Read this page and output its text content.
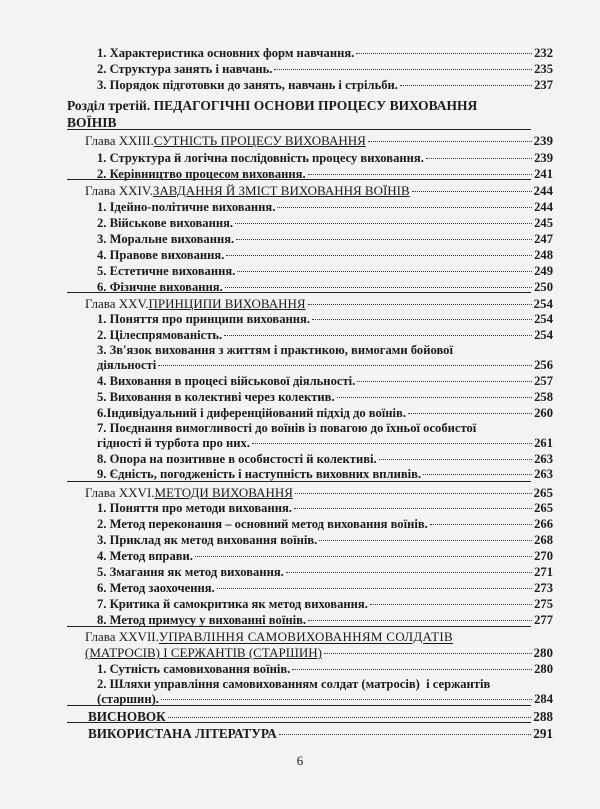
1. Характеристика основних форм навчання.	232
2. Структура занять і навчань.	235
3. Порядок підготовки до занять, навчань і стрільби.	237
Розділ третій. ПЕДАГОГІЧНІ ОСНОВИ ПРОЦЕСУ ВИХОВАННЯ
ВОЇНІВ
Глава XXIII. СУТНІСТЬ ПРОЦЕСУ ВИХОВАННЯ	239
1. Структура й логічна послідовність процесу виховання.	239
2. Керівництво процесом виховання.	241
Глава XXIV. ЗАВДАННЯ Й ЗМІСТ ВИХОВАННЯ ВОЇНІВ	244
1. Ідейно-політичне виховання.	244
2. Військове виховання.	245
3. Моральне виховання.	247
4. Правове виховання.	248
5. Естетичне виховання.	249
6. Фізичне виховання.	250
Глава XXV. ПРИНЦИПИ ВИХОВАННЯ	254
1. Поняття про принципи виховання.	254
2. Цілеспрямованість.	254
3. Зв'язок виховання з життям і практикою, вимогами бойової
діяльності	256
4. Виховання в процесі військової діяльності.	257
5. Виховання в колективі через колектив.	258
6.Індивідуальний і диференційований підхід до воїнів.	260
7. Поєднання вимогливості до воїнів із повагою до їхньої особистої
гідності й турбота про них.	261
8. Опора на позитивне в особистості й колективі.	263
9. Єдність, погодженість і наступність виховних впливів.	263
Глава XXVI. МЕТОДИ ВИХОВАННЯ	265
1. Поняття про методи виховання.	265
2. Метод переконання – основний метод виховання воїнів.	266
3. Приклад як метод виховання воїнів.	268
4. Метод вправи.	270
5. Змагання як метод виховання.	271
6. Метод заохочення.	273
7. Критика й самокритика як метод виховання.	275
8. Метод примусу у вихованні воїнів.	277
Глава XXVII.УПРАВЛІННЯ САМОВИХОВАННЯМ СОЛДАТІВ
(МАТРОСІВ) І СЕРЖАНТІВ (СТАРШИН)	280
1. Сутність самовиховання воїнів.	280
2. Шляхи управління самовихованням солдат (матросів)  і сержантів
(старшин).	284
ВИСНОВОК	288
ВИКОРИСТАНА ЛІТЕРАТУРА	291
6
